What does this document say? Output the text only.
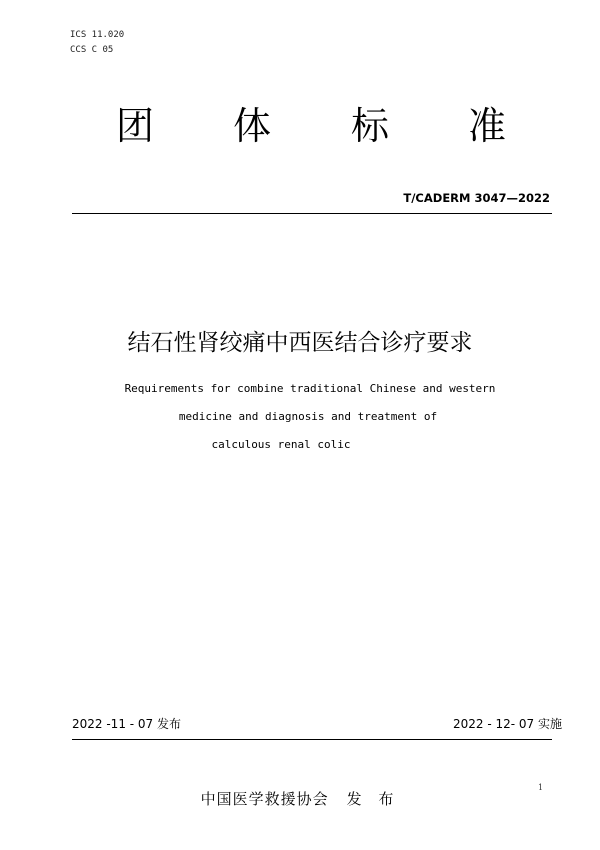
ICS 11.020
CCS C 05
团 体 标 准
T/CADERM 3047—2022
结石性肾绞痛中西医结合诊疗要求
Requirements for combine traditional Chinese and western
medicine and diagnosis and treatment of
calculous renal colic
2022 -11 - 07 发布	2022 - 12- 07 实施
1
中国医学救援协会 发 布
